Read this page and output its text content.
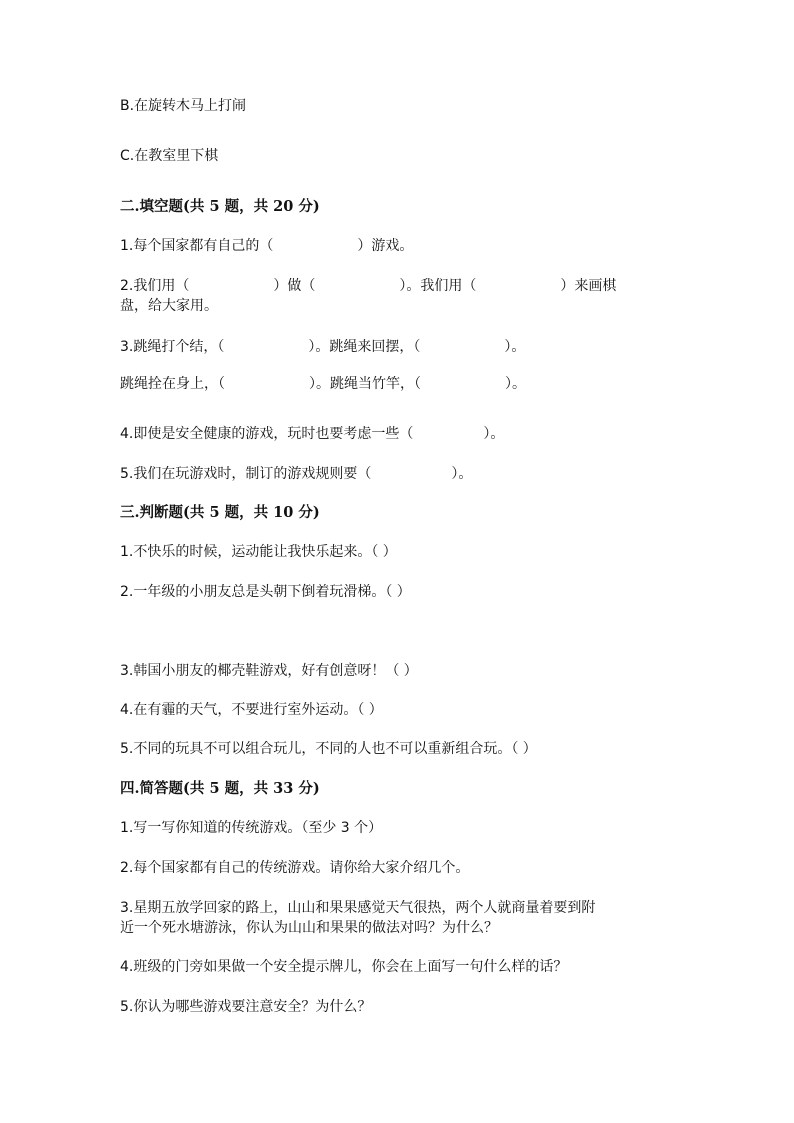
B.在旋转木马上打闹
C.在教室里下棋
二.填空题(共 5 题，共 20 分)
1.每个国家都有自己的（	）游戏。
2.我们用（	）做（	）。我们用（	）来画棋
盘，给大家用。
3.跳绳打个结，（	）。跳绳来回摆，（	）。
跳绳拴在身上，（	）。跳绳当竹竿，（	）。
4.即使是安全健康的游戏，玩时也要考虑一些（	）。
5.我们在玩游戏时，制订的游戏规则要（	）。
三.判断题(共 5 题，共 10 分)
1.不快乐的时候，运动能让我快乐起来。（ ）
2.一年级的小朋友总是头朝下倒着玩滑梯。（ ）
3.韩国小朋友的椰壳鞋游戏，好有创意呀！（ ）
4.在有霾的天气，不要进行室外运动。（ ）
5.不同的玩具不可以组合玩儿，不同的人也不可以重新组合玩。（ ）
四.简答题(共 5 题，共 33 分)
1.写一写你知道的传统游戏。（至少 3 个）
2.每个国家都有自己的传统游戏。请你给大家介绍几个。
3.星期五放学回家的路上，山山和果果感觉天气很热，两个人就商量着要到附
近一个死水塘游泳，你认为山山和果果的做法对吗？为什么？
4.班级的门旁如果做一个安全提示牌儿，你会在上面写一句什么样的话？
5.你认为哪些游戏要注意安全？为什么？
